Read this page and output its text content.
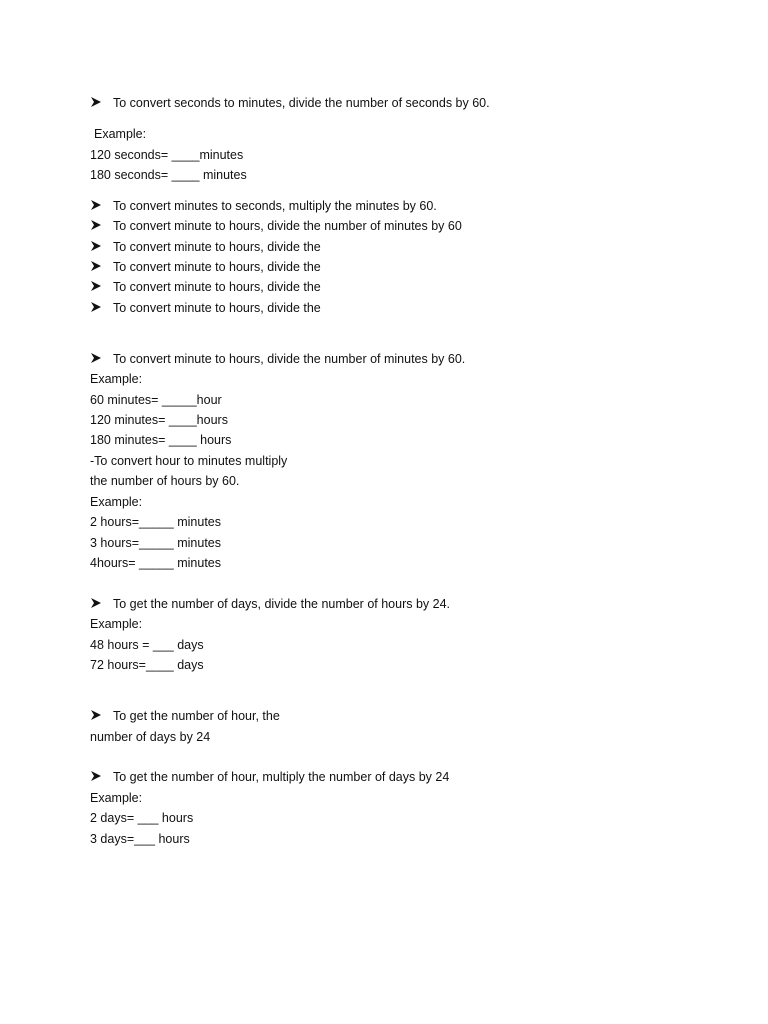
To convert seconds to minutes, divide the number of seconds by 60.
Example:
120 seconds= ____minutes
180 seconds= ____ minutes
To convert minutes to seconds, multiply the minutes by 60.
To convert minute to hours, divide the number of minutes by 60
To convert minute to hours, divide the
To convert minute to hours, divide the
To convert minute to hours, divide the
To convert minute to hours, divide the
To convert minute to hours, divide the number of minutes by 60.
Example:
60 minutes= _____hour
120 minutes= ____hours
180 minutes= ____ hours
-To convert hour to minutes multiply
the number of hours by 60.
Example:
2 hours=_____ minutes
3 hours=_____ minutes
4hours= _____ minutes
To get the number of days, divide the number of hours by 24.
Example:
48 hours = ___ days
72 hours=____ days
To get the number of hour, the
number of days by 24
To get the number of hour, multiply the number of days by 24
Example:
2 days= ___ hours
3 days=___ hours
